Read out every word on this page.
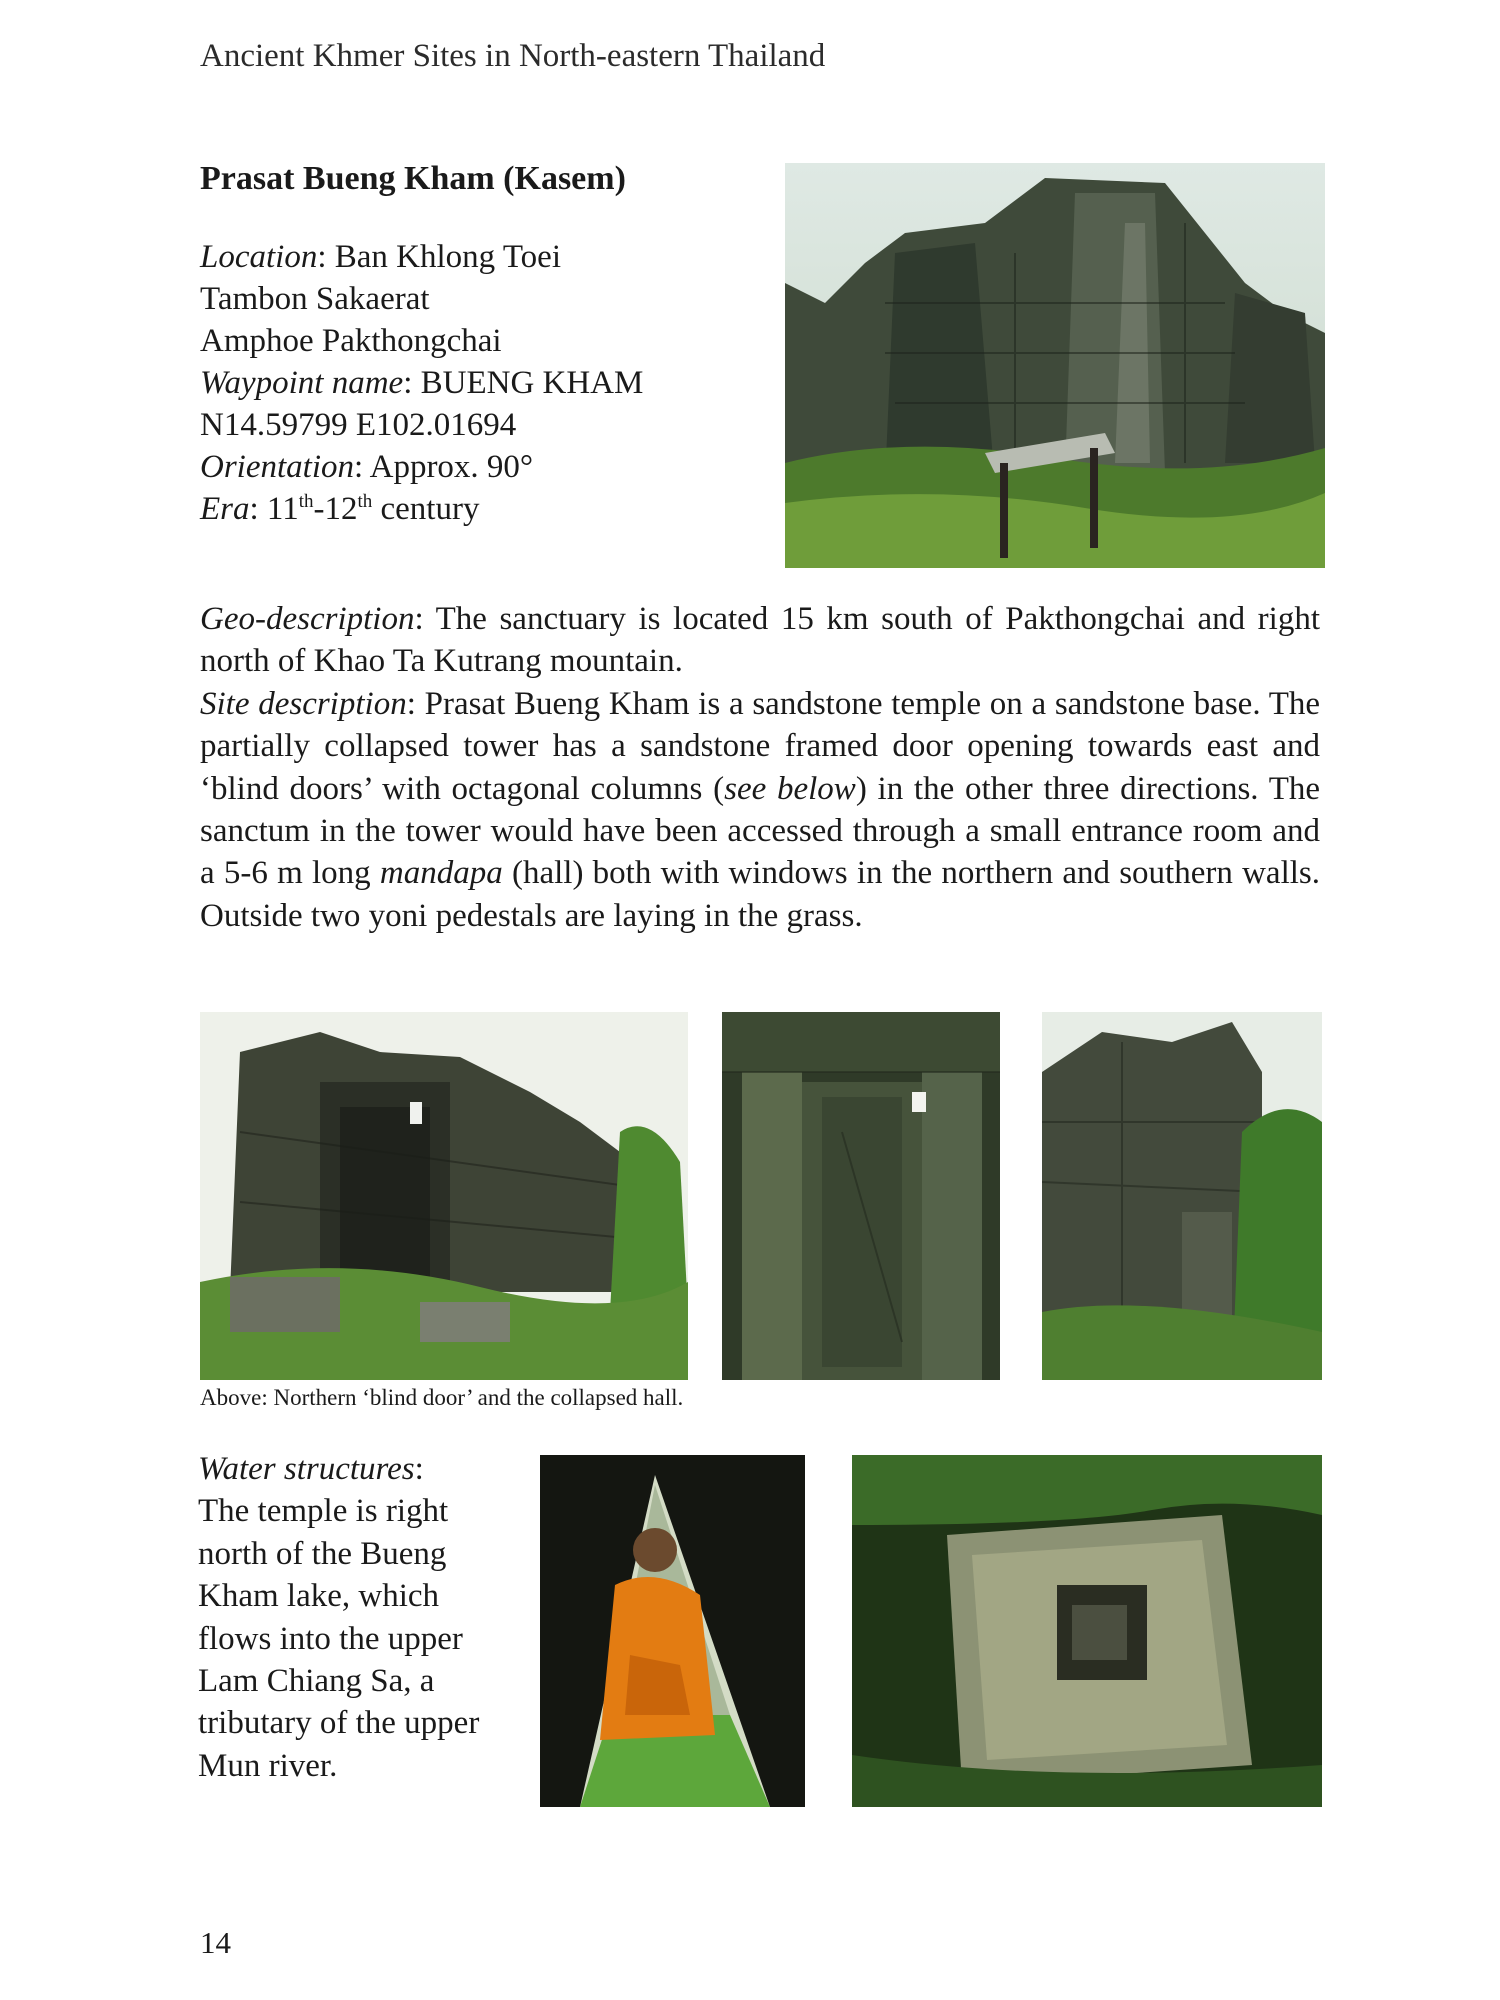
Ancient Khmer Sites in North-eastern Thailand
Prasat Bueng Kham (Kasem)
Location: Ban Khlong Toei
Tambon Sakaerat
Amphoe Pakthongchai
Waypoint name: BUENG KHAM
N14.59799 E102.01694
Orientation: Approx. 90°
Era: 11th-12th century

Geo-description: The sanctuary is located 15 km south of Pakthongchai and right north of Khao Ta Kutrang mountain.

Site description: Prasat Bueng Kham is a sandstone temple on a sandstone base. The partially collapsed tower has a sandstone framed door opening towards east and ‘blind doors’ with octagonal columns (see below) in the other three directions. The sanctum in the tower would have been accessed through a small entrance room and a 5-6 m long mandapa (hall) both with windows in the northern and southern walls. Outside two yoni pedestals are laying in the grass.

Above: Northern ‘blind door’ and the collapsed hall.
Water structures:
The temple is right north of the Bueng Kham lake, which flows into the upper Lam Chiang Sa, a tributary of the upper Mun river.
14
